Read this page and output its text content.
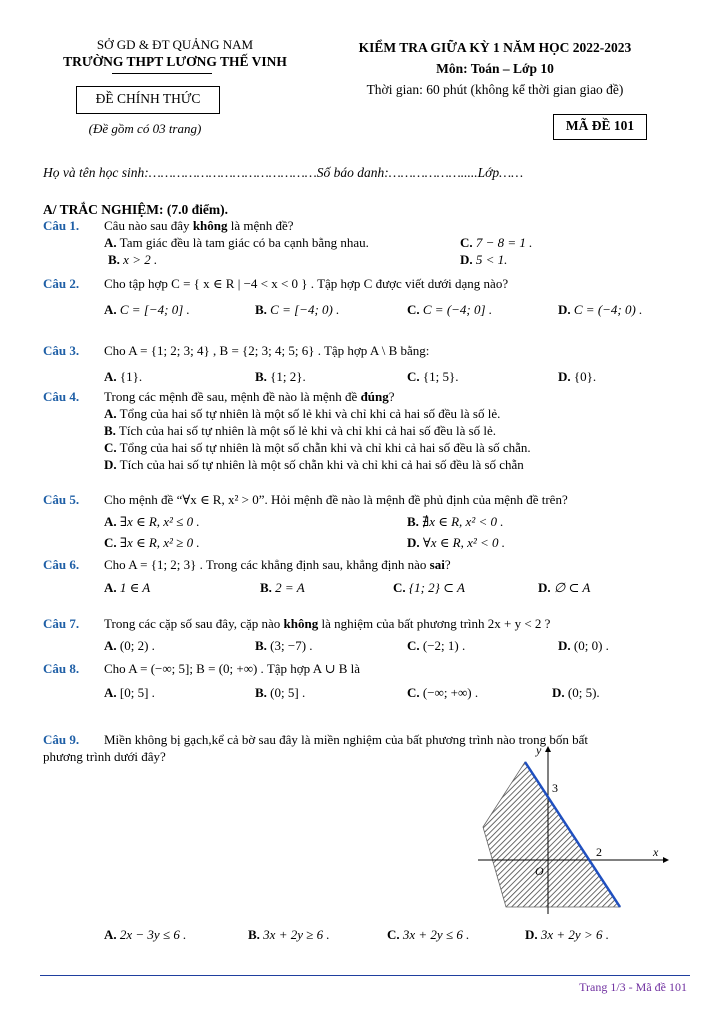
SỞ GD & ĐT QUẢNG NAM
TRƯỜNG THPT LƯƠNG THẾ VINH
ĐỀ CHÍNH THỨC
(Đề gồm có 03 trang)
KIỂM TRA GIỮA KỲ 1 NĂM HỌC 2022-2023
Môn: Toán – Lớp 10
Thời gian: 60 phút (không kể thời gian giao đề)
MÃ ĐỀ 101
Họ và tên học sinh:……………………………………Số báo danh:……………….....Lớp……
A/ TRẮC NGHIỆM: (7.0 điểm).
Câu 1. Câu nào sau đây không là mệnh đề?
A. Tam giác đều là tam giác có ba cạnh bằng nhau.	C. 7 − 8 = 1 .
B. x > 2 .	D. 5 < 1.
Câu 2. Cho tập hợp C = { x ∈ R | −4 < x < 0 } . Tập hợp C được viết dưới dạng nào?
A. C = [−4; 0] .	B. C = [−4; 0) .	C. C = (−4; 0] .	D. C = (−4; 0) .
Câu 3. Cho A = {1; 2; 3; 4} , B = {2; 3; 4; 5; 6} . Tập hợp A \ B bằng:
A. {1}.	B. {1; 2}.	C. {1; 5}.	D. {0}.
Câu 4. Trong các mệnh đề sau, mệnh đề nào là mệnh đề đúng?
A. Tổng của hai số tự nhiên là một số lẻ khi và chỉ khi cả hai số đều là số lẻ.
B. Tích của hai số tự nhiên là một số lẻ khi và chỉ khi cả hai số đều là số lẻ.
C. Tổng của hai số tự nhiên là một số chẵn khi và chỉ khi cả hai số đều là số chẵn.
D. Tích của hai số tự nhiên là một số chẵn khi và chỉ khi cả hai số đều là số chẵn
Câu 5. Cho mệnh đề “∀x ∈ R, x² > 0”. Hỏi mệnh đề nào là mệnh đề phủ định của mệnh đề trên?
A. ∃x ∈ R, x² ≤ 0 .	B. ∄x ∈ R, x² < 0 .
C. ∃x ∈ R, x² ≥ 0 .	D. ∀x ∈ R, x² < 0 .
Câu 6. Cho A = {1; 2; 3} . Trong các khẳng định sau, khẳng định nào sai?
A. 1 ∈ A	B. 2 = A	C. {1; 2} ⊂ A	D. ∅ ⊂ A
Câu 7. Trong các cặp số sau đây, cặp nào không là nghiệm của bất phương trình 2x + y < 2 ?
A. (0; 2) .	B. (3; −7) .	C. (−2; 1) .	D. (0; 0) .
Câu 8. Cho A = (−∞; 5]; B = (0; +∞) . Tập hợp A ∪ B là
A. [0; 5] .	B. (0; 5] .	C. (−∞; +∞) .	D. (0; 5).
Câu 9. Miền không bị gạch,kể cả bờ sau đây là miền nghiệm của bất phương trình nào trong bốn bất
phương trình dưới đây?	y
x
O
3
2
A. 2x − 3y ≤ 6 .	B. 3x + 2y ≥ 6 .	C. 3x + 2y ≤ 6 .	D. 3x + 2y > 6 .
Trang 1/3 - Mã đề 101
